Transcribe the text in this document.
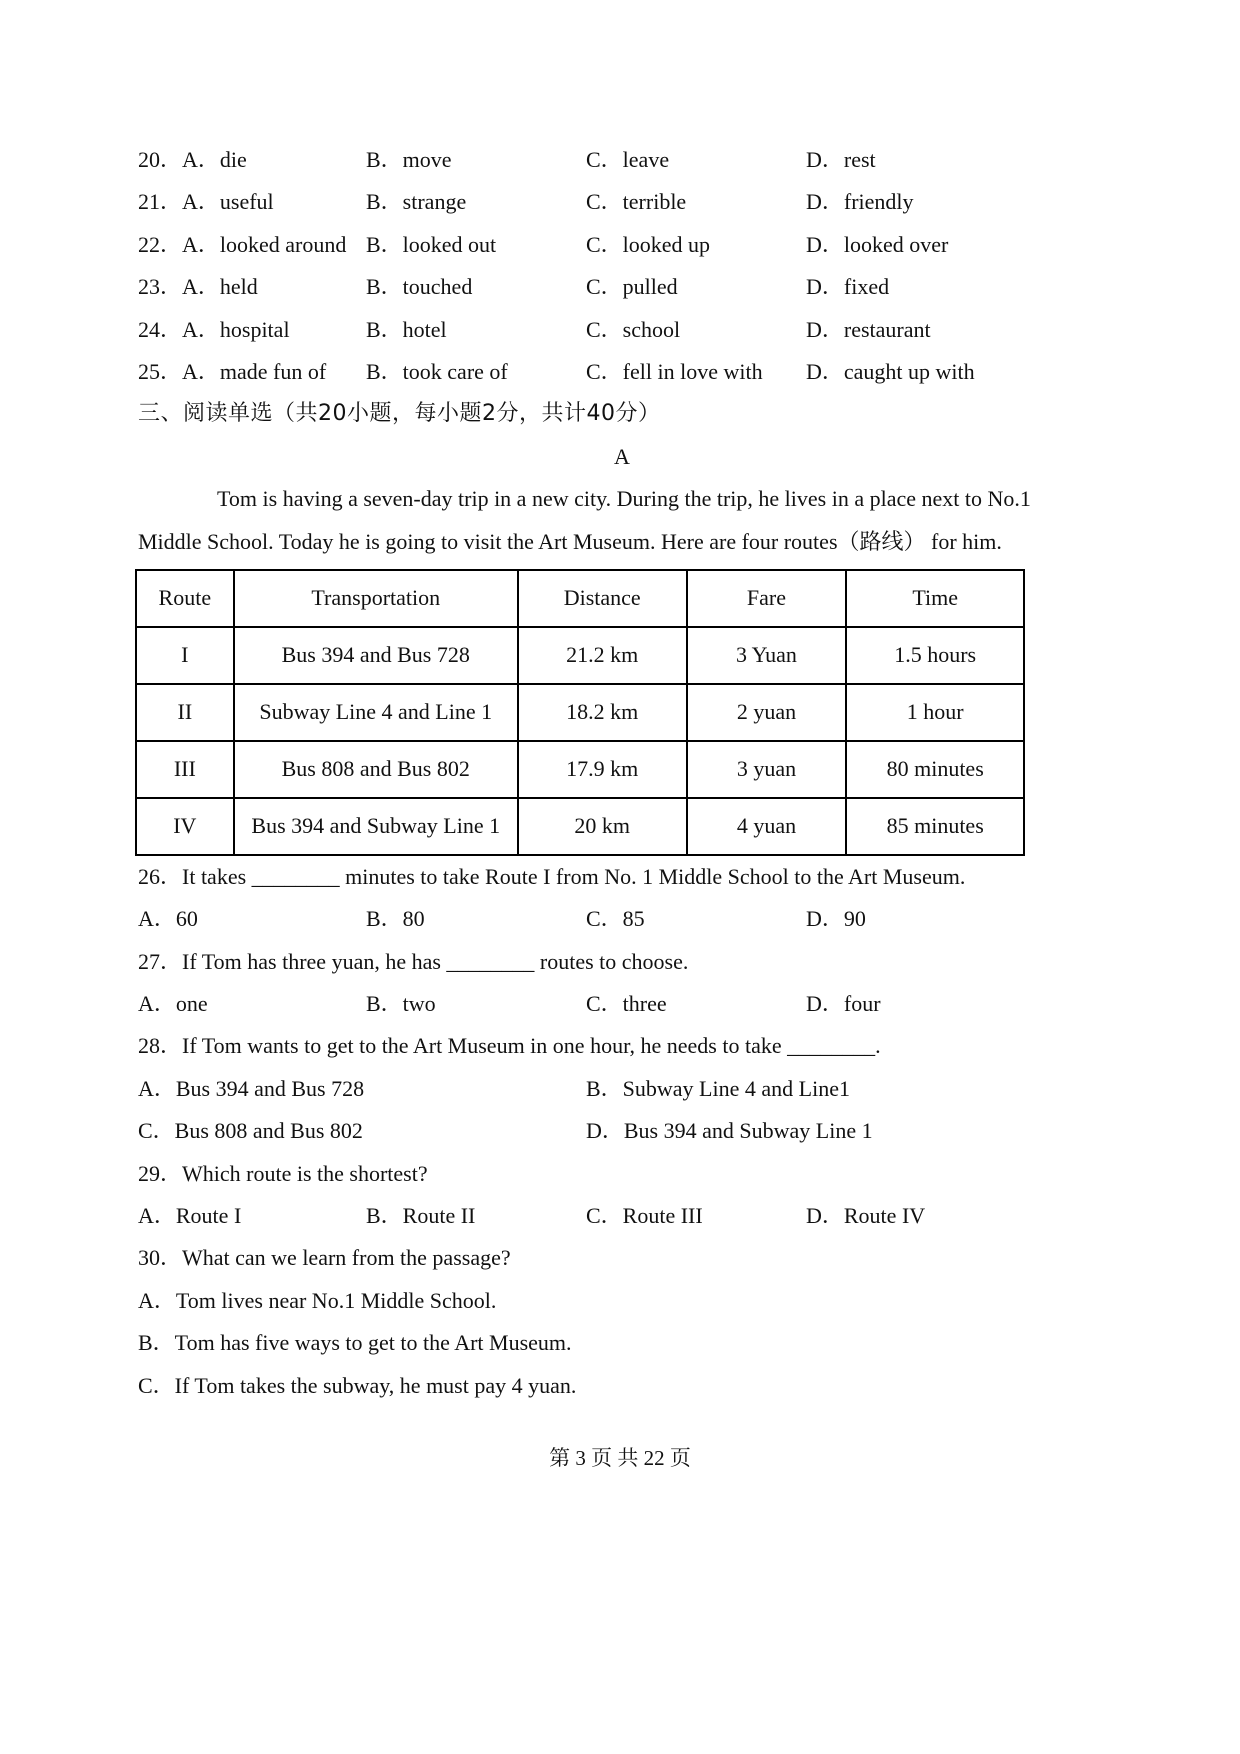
20．A．die	B．move	C．leave	D．rest
21．A．useful	B．strange	C．terrible	D．friendly
22．A．looked around B．looked out	C．looked up	D．looked over
23．A．held	B．touched	C．pulled	D．fixed
24．A．hospital	B．hotel	C．school	D．restaurant
25．A．made fun of	B．took care of	C．fell in love with	D．caught up with
三、阅读单选（共20小题，每小题2分，共计40分）
A
Tom is having a seven-day trip in a new city. During the trip, he lives in a place next to No.1
Middle School. Today he is going to visit the Art Museum. Here are four routes（路线） for him.
Route	Transportation	Distance	Fare	Time
I	Bus 394 and Bus 728	21.2 km	3 Yuan	1.5 hours
II	Subway Line 4 and Line 1	18.2 km	2 yuan	1 hour
III	Bus 808 and Bus 802	17.9 km	3 yuan	80 minutes
IV	Bus 394 and Subway Line 1	20 km	4 yuan	85 minutes
26．It takes ________ minutes to take Route I from No. 1 Middle School to the Art Museum.
A．60	B．80	C．85	D．90
27．If Tom has three yuan, he has ________ routes to choose.
A．one	B．two	C．three	D．four
28．If Tom wants to get to the Art Museum in one hour, he needs to take ________.
A．Bus 394 and Bus 728	B．Subway Line 4 and Line1
C．Bus 808 and Bus 802	D．Bus 394 and Subway Line 1
29．Which route is the shortest?
A．Route I	B．Route II	C．Route III	D．Route IV
30．What can we learn from the passage?
A．Tom lives near No.1 Middle School.
B．Tom has five ways to get to the Art Museum.
C．If Tom takes the subway, he must pay 4 yuan.
第 3 页 共 22 页
